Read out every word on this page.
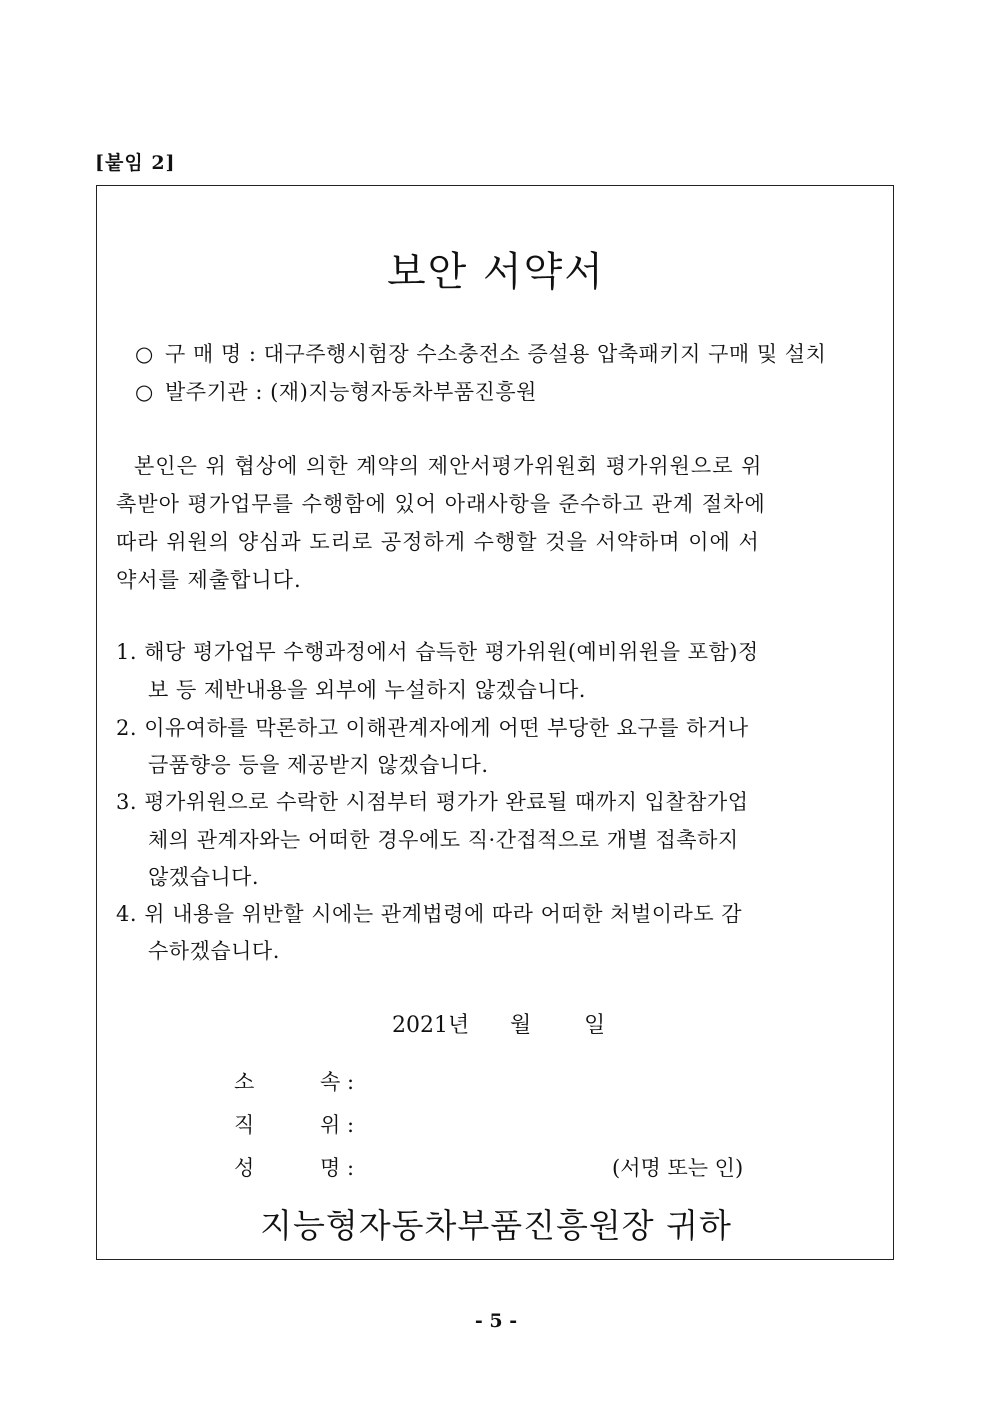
[붙임 2]
보안 서약서
○ 구 매 명 : 대구주행시험장 수소충전소 증설용 압축패키지 구매 및 설치
○ 발주기관 : (재)지능형자동차부품진흥원
본인은 위 협상에 의한 계약의 제안서평가위원회 평가위원으로 위
촉받아 평가업무를 수행함에 있어 아래사항을 준수하고 관계 절차에
따라 위원의 양심과 도리로 공정하게 수행할 것을 서약하며 이에 서
약서를 제출합니다.
1. 해당 평가업무 수행과정에서 습득한 평가위원(예비위원을 포함)정
보 등 제반내용을 외부에 누설하지 않겠습니다.
2. 이유여하를 막론하고 이해관계자에게 어떤 부당한 요구를 하거나
금품향응 등을 제공받지 않겠습니다.
3. 평가위원으로 수락한 시점부터 평가가 완료될 때까지 입찰참가업
체의 관계자와는 어떠한 경우에도 직·간접적으로 개별 접촉하지
않겠습니다.
4. 위 내용을 위반할 시에는 관계법령에 따라 어떠한 처벌이라도 감
수하겠습니다.
2021년 월 일
소	속 :
직	위 :
성	명 :	(서명 또는 인)
지능형자동차부품진흥원장 귀하
- 5 -
